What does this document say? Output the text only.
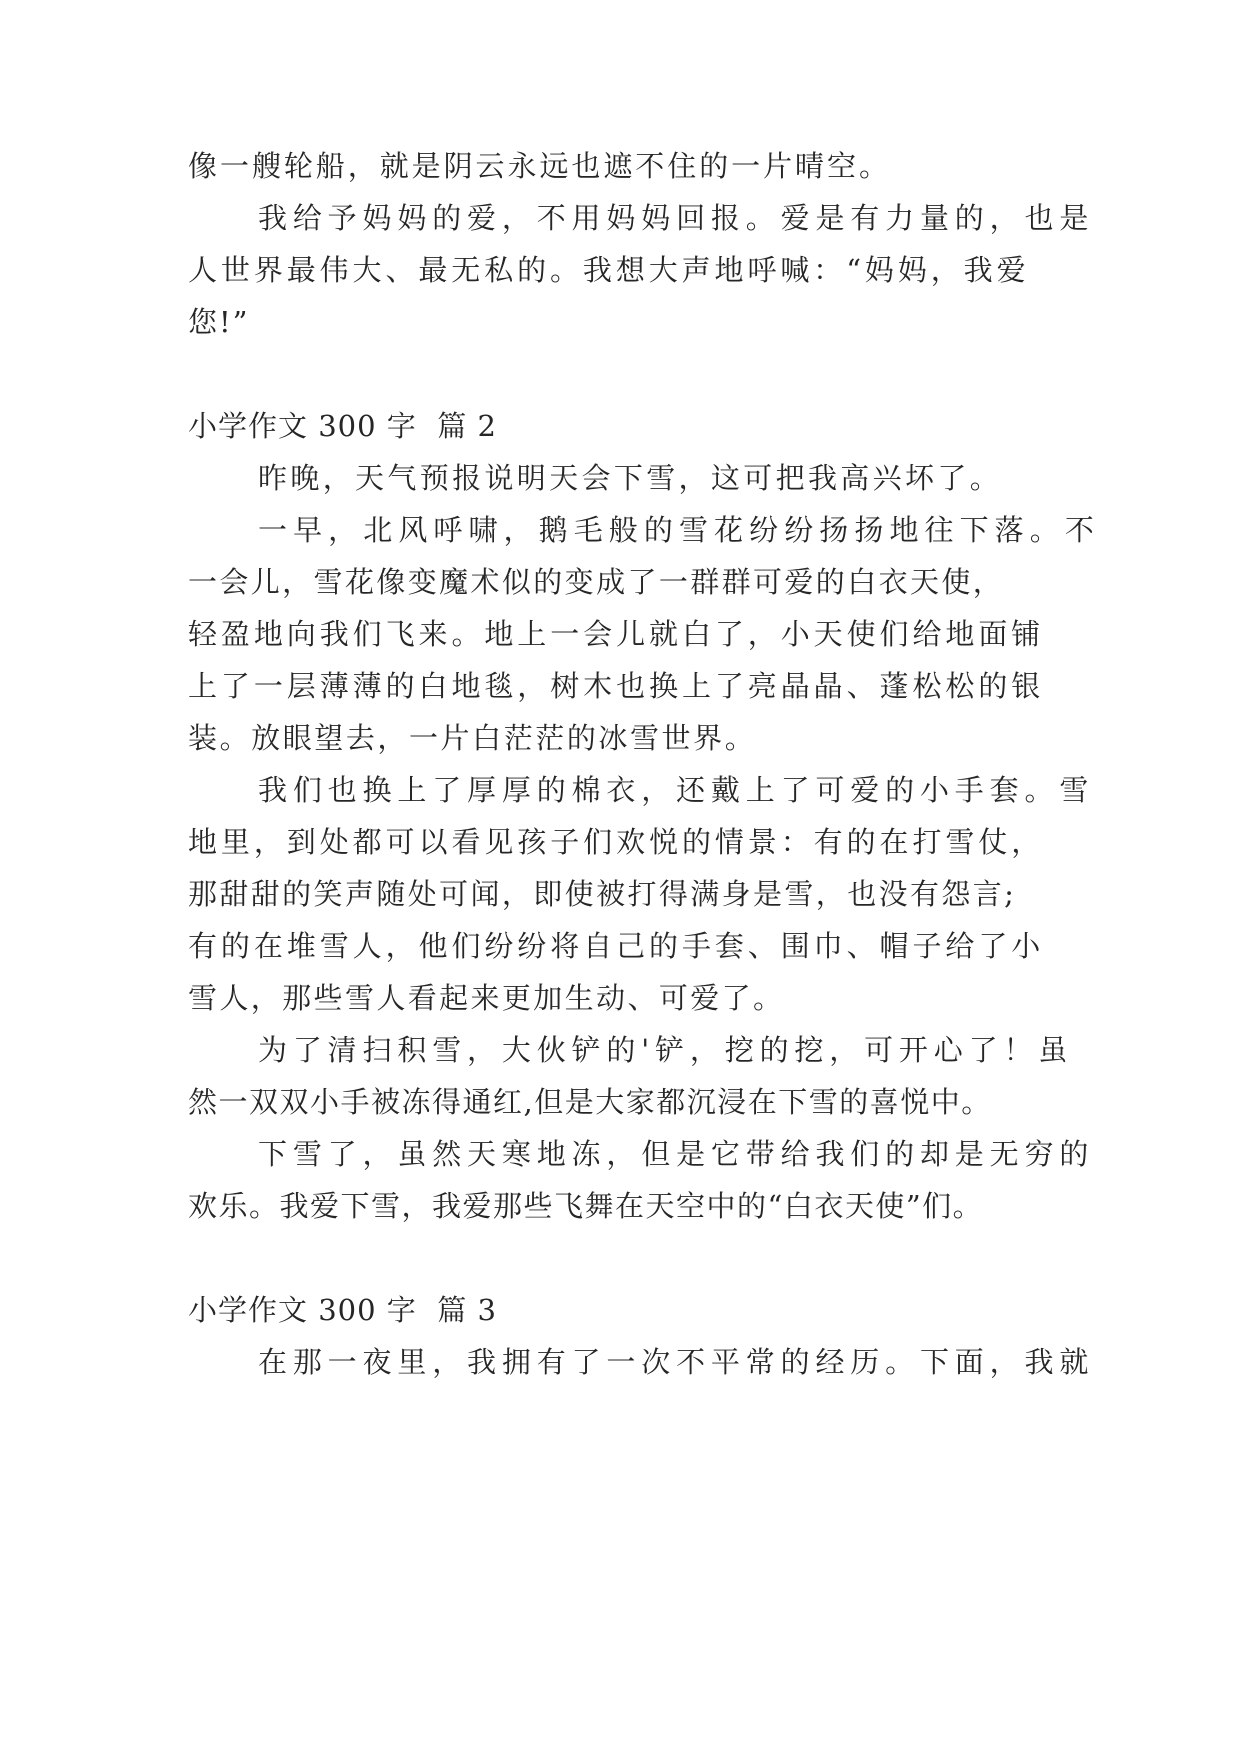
像一艘轮船，就是阴云永远也遮不住的一片晴空。

我给予妈妈的爱，不用妈妈回报。爱是有力量的，也是

人世界最伟大、最无私的。我想大声地呼喊：“妈妈，我爱

您!”

小学作文 300 字  篇 2

昨晚，天气预报说明天会下雪，这可把我高兴坏了。

一早，北风呼啸，鹅毛般的雪花纷纷扬扬地往下落。不

一会儿，雪花像变魔术似的变成了一群群可爱的白衣天使，

轻盈地向我们飞来。地上一会儿就白了，小天使们给地面铺

上了一层薄薄的白地毯，树木也换上了亮晶晶、蓬松松的银

装。放眼望去，一片白茫茫的冰雪世界。

我们也换上了厚厚的棉衣，还戴上了可爱的小手套。雪

地里，到处都可以看见孩子们欢悦的情景：有的在打雪仗，

那甜甜的笑声随处可闻，即使被打得满身是雪，也没有怨言;

有的在堆雪人，他们纷纷将自己的手套、围巾、帽子给了小

雪人，那些雪人看起来更加生动、可爱了。

为了清扫积雪，大伙铲的'铲，挖的挖，可开心了！虽

然一双双小手被冻得通红,但是大家都沉浸在下雪的喜悦中。

下雪了，虽然天寒地冻，但是它带给我们的却是无穷的

欢乐。我爱下雪，我爱那些飞舞在天空中的“白衣天使”们。

小学作文 300 字  篇 3

在那一夜里，我拥有了一次不平常的经历。下面，我就
